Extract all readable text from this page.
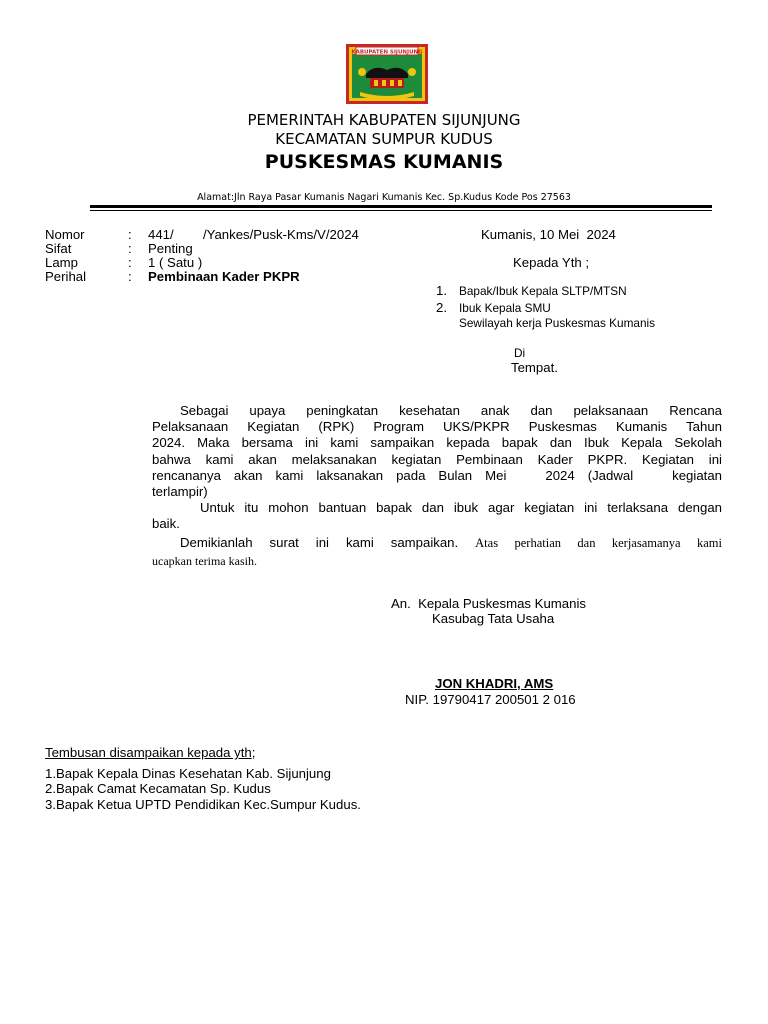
KABUPATEN SIJUNJUNG
PEMERINTAH KABUPATEN SIJUNJUNG
KECAMATAN SUMPUR KUDUS
PUSKESMAS KUMANIS
Alamat:Jln Raya Pasar Kumanis Nagari Kumanis Kec. Sp.Kudus Kode Pos 27563
Nomor	: 441/        /Yankes/Pusk-Kms/V/2024
Sifat	: Penting
Lamp	: 1 ( Satu )
Perihal	: Pembinaan Kader PKPR
Kumanis, 10 Mei  2024
Kepada Yth ;
1. Bapak/Ibuk Kepala SLTP/MTSN
2. Ibuk Kepala SMU
Sewilayah kerja Puskesmas Kumanis
Di
Tempat.
Sebagai upaya peningkatan kesehatan anak dan pelaksanaan Rencana
Pelaksanaan Kegiatan (RPK) Program UKS/PKPR Puskesmas Kumanis Tahun
2024. Maka bersama ini kami sampaikan kepada bapak dan Ibuk Kepala Sekolah
bahwa kami akan melaksanakan kegiatan Pembinaan Kader PKPR. Kegiatan ini
rencananya akan kami laksanakan pada Bulan Mei   2024 (Jadwal   kegiatan
terlampir)
Untuk itu mohon bantuan bapak dan ibuk agar kegiatan ini terlaksana dengan
baik.
Demikianlah surat ini kami sampaikan. Atas perhatian dan kerjasamanya kami
ucapkan terima kasih.
An.  Kepala Puskesmas Kumanis
Kasubag Tata Usaha
JON KHADRI, AMS
NIP. 19790417 200501 2 016
Tembusan disampaikan kepada yth;
1.Bapak Kepala Dinas Kesehatan Kab. Sijunjung
2.Bapak Camat Kecamatan Sp. Kudus
3.Bapak Ketua UPTD Pendidikan Kec.Sumpur Kudus.
